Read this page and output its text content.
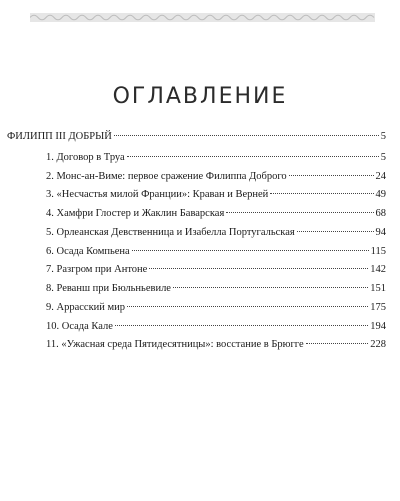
ОГЛАВЛЕНИЕ
ФИЛИПП III ДОБРЫЙ	5
1. Договор в Труа	5
2. Монс-ан-Виме: первое сражение Филиппа Доброго	24
3. «Несчастья милой Франции»: Краван и Верней	49
4. Хамфри Глостер и Жаклин Баварская	68
5. Орлеанская Девственница и Изабелла Португальская	94
6. Осада Компьена	115
7. Разгром при Антоне	142
8. Реванш при Бюльньевиле	151
9. Аррасский мир	175
10. Осада Кале	194
11. «Ужасная среда Пятидесятницы»: восстание в Брюгге	228
